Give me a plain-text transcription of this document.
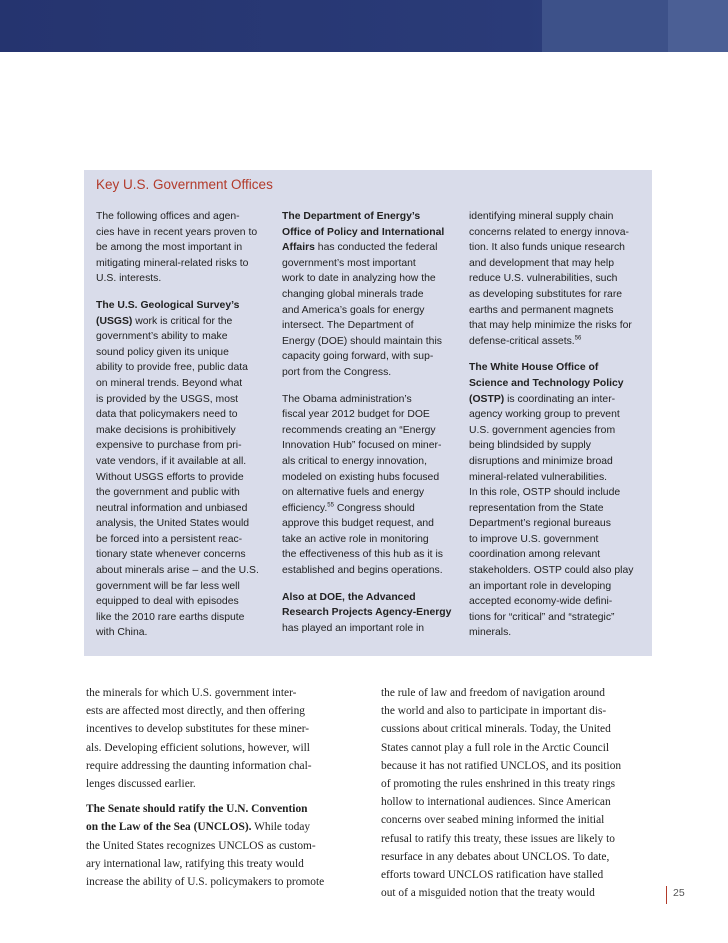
Key U.S. Government Offices

The following offices and agen-
cies have in recent years proven to
be among the most important in
mitigating mineral-related risks to
U.S. interests.

The U.S. Geological Survey’s
(USGS) work is critical for the
government’s ability to make
sound policy given its unique
ability to provide free, public data
on mineral trends. Beyond what
is provided by the USGS, most
data that policymakers need to
make decisions is prohibitively
expensive to purchase from pri-
vate vendors, if it available at all.
Without USGS efforts to provide
the government and public with
neutral information and unbiased
analysis, the United States would
be forced into a persistent reac-
tionary state whenever concerns
about minerals arise – and the U.S.
government will be far less well
equipped to deal with episodes
like the 2010 rare earths dispute
with China.

The Department of Energy’s
Office of Policy and International
Affairs has conducted the federal
government’s most important
work to date in analyzing how the
changing global minerals trade
and America’s goals for energy
intersect. The Department of
Energy (DOE) should maintain this
capacity going forward, with sup-
port from the Congress.

The Obama administration’s
fiscal year 2012 budget for DOE
recommends creating an “Energy
Innovation Hub” focused on miner-
als critical to energy innovation,
modeled on existing hubs focused
on alternative fuels and energy
efficiency.$^{55}$ Congress should
approve this budget request, and
take an active role in monitoring
the effectiveness of this hub as it is
established and begins operations.

Also at DOE, the Advanced
Research Projects Agency-Energy
has played an important role in

identifying mineral supply chain
concerns related to energy innova-
tion. It also funds unique research
and development that may help
reduce U.S. vulnerabilities, such
as developing substitutes for rare
earths and permanent magnets
that may help minimize the risks for
defense-critical assets.$^{56}$

The White House Office of
Science and Technology Policy
(OSTP) is coordinating an inter-
agency working group to prevent
U.S. government agencies from
being blindsided by supply
disruptions and minimize broad
mineral-related vulnerabilities.
In this role, OSTP should include
representation from the State
Department’s regional bureaus
to improve U.S. government
coordination among relevant
stakeholders. OSTP could also play
an important role in developing
accepted economy-wide defini-
tions for “critical” and “strategic”
minerals.

the minerals for which U.S. government inter-
ests are affected most directly, and then offering
incentives to develop substitutes for these miner-
als. Developing efficient solutions, however, will
require addressing the daunting information chal-
lenges discussed earlier.

The Senate should ratify the U.N. Convention
on the Law of the Sea (UNCLOS). While today
the United States recognizes UNCLOS as custom-
ary international law, ratifying this treaty would
increase the ability of U.S. policymakers to promote

the rule of law and freedom of navigation around
the world and also to participate in important dis-
cussions about critical minerals. Today, the United
States cannot play a full role in the Arctic Council
because it has not ratified UNCLOS, and its position
of promoting the rules enshrined in this treaty rings
hollow to international audiences. Since American
concerns over seabed mining informed the initial
refusal to ratify this treaty, these issues are likely to
resurface in any debates about UNCLOS. To date,
efforts toward UNCLOS ratification have stalled
out of a misguided notion that the treaty would	25
